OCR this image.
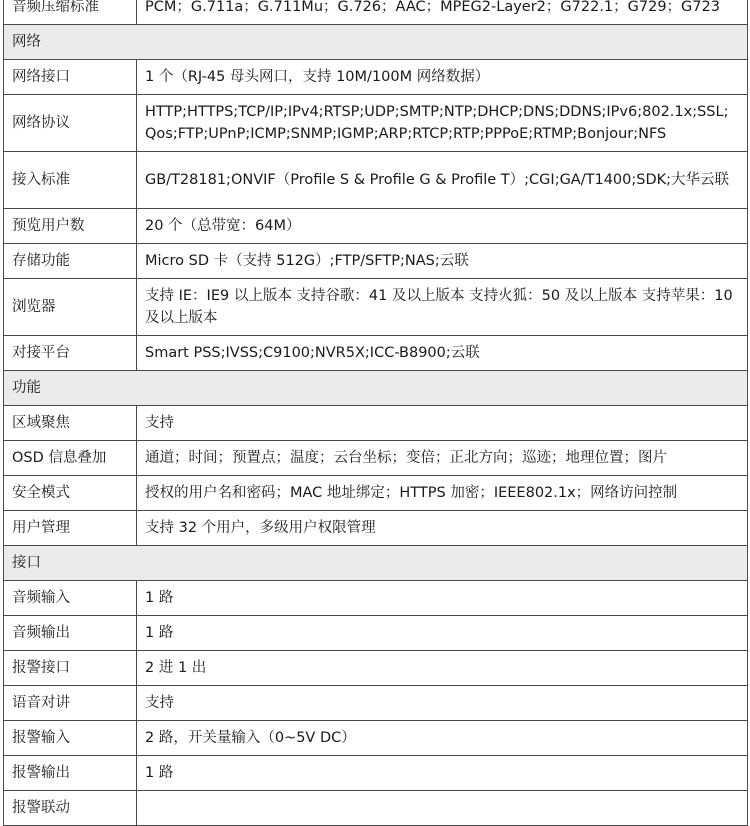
音频压缩标准	PCM；G.711a；G.711Mu；G.726；AAC；MPEG2-Layer2；G722.1；G729；G723
网络	
网络接口	1 个（RJ-45 母头网口，支持 10M/100M 网络数据）
网络协议	HTTP;HTTPS;TCP/IP;IPv4;RTSP;UDP;SMTP;NTP;DHCP;DNS;DDNS;IPv6;802.1x;SSL;Qos;FTP;UPnP;ICMP;SNMP;IGMP;ARP;RTCP;RTP;PPPoE;RTMP;Bonjour;NFS
接入标准	GB/T28181;ONVIF（Profile S & Profile G & Profile T）;CGI;GA/T1400;SDK;大华云联
预览用户数	20 个（总带宽：64M）
存储功能	Micro SD 卡（支持 512G）;FTP/SFTP;NAS;云联
浏览器	支持 IE：IE9 以上版本 支持谷歌：41 及以上版本 支持火狐：50 及以上版本 支持苹果：10 及以上版本
对接平台	Smart PSS;IVSS;C9100;NVR5X;ICC-B8900;云联
功能	
区域聚焦	支持
OSD 信息叠加	通道；时间；预置点；温度；云台坐标；变倍；正北方向；巡迹；地理位置；图片
安全模式	授权的用户名和密码；MAC 地址绑定；HTTPS 加密；IEEE802.1x；网络访问控制
用户管理	支持 32 个用户，多级用户权限管理
接口	
音频输入	1 路
音频输出	1 路
报警接口	2 进 1 出
语音对讲	支持
报警输入	2 路，开关量输入（0~5V DC）
报警输出	1 路
报警联动	
